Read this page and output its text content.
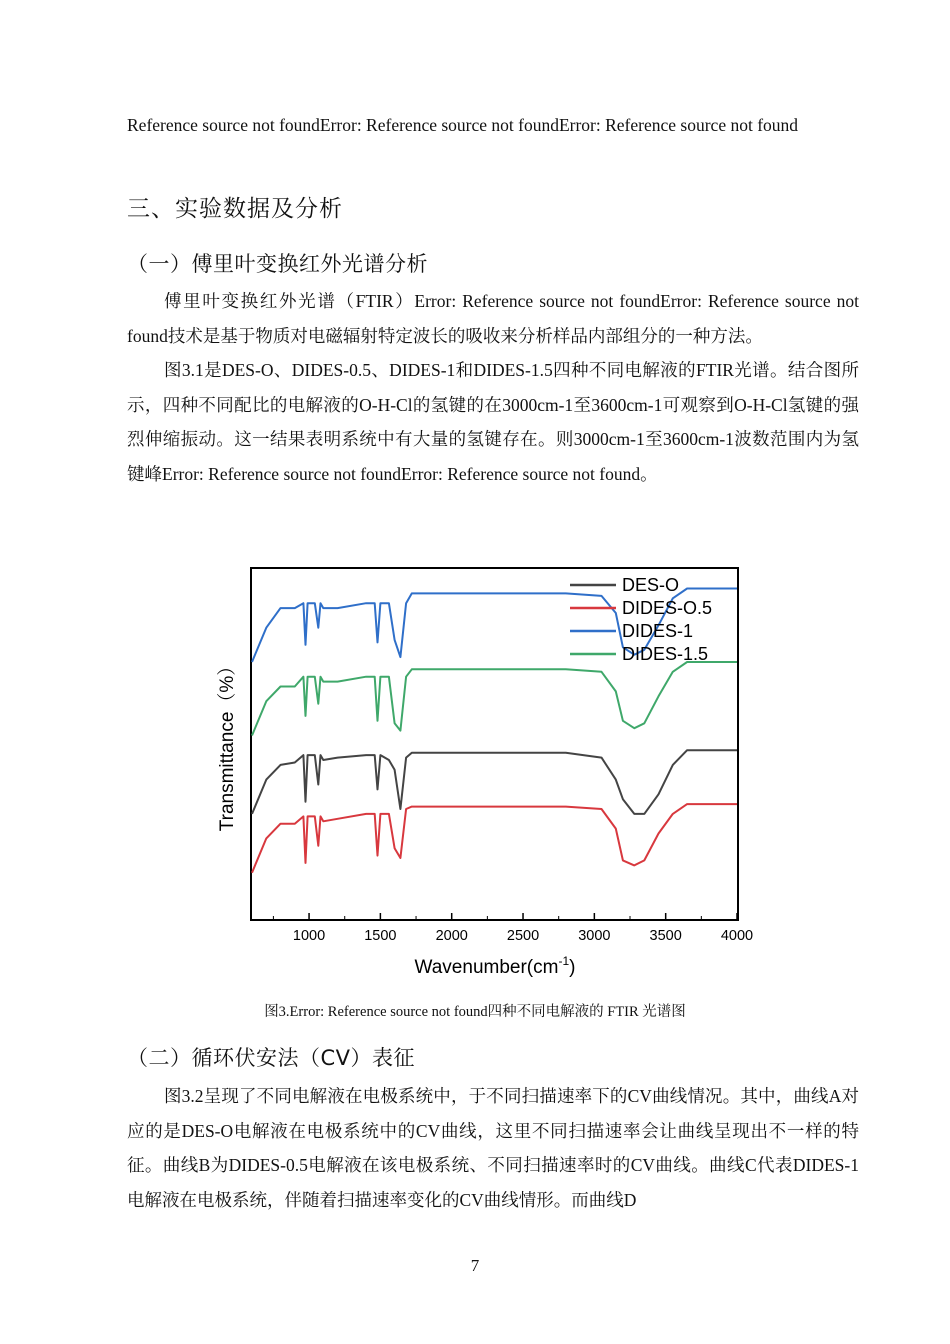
Reference source not foundError: Reference source not foundError: Reference source not found
三、实验数据及分析
（一）傅里叶变换红外光谱分析
傅里叶变换红外光谱（FTIR）Error: Reference source not foundError: Reference source not found技术是基于物质对电磁辐射特定波长的吸收来分析样品内部组分的一种方法。
图3.1是DES-O、DIDES-0.5、DIDES-1和DIDES-1.5四种不同电解液的FTIR光谱。结合图所示，四种不同配比的电解液的O-H-Cl的氢键的在3000cm-1至3600cm-1可观察到O-H-Cl氢键的强烈伸缩振动。这一结果表明系统中有大量的氢键存在。则3000cm-1至3600cm-1波数范围内为氢键峰Error: Reference source not foundError: Reference source not found。
1000	1500	2000	2500	3000	3500	4000
DES-O
DIDES-O.5
DIDES-1
DIDES-1.5
Transmittance（%）
$Wavenumber(cm^{-1})$
图3.Error: Reference source not found四种不同电解液的 FTIR 光谱图
（二）循环伏安法（CV）表征
图3.2呈现了不同电解液在电极系统中，于不同扫描速率下的CV曲线情况。其中，曲线A对应的是DES-O电解液在电极系统中的CV曲线，这里不同扫描速率会让曲线呈现出不一样的特征。曲线B为DIDES-0.5电解液在该电极系统、不同扫描速率时的CV曲线。曲线C代表DIDES-1电解液在电极系统，伴随着扫描速率变化的CV曲线情形。而曲线D
7
